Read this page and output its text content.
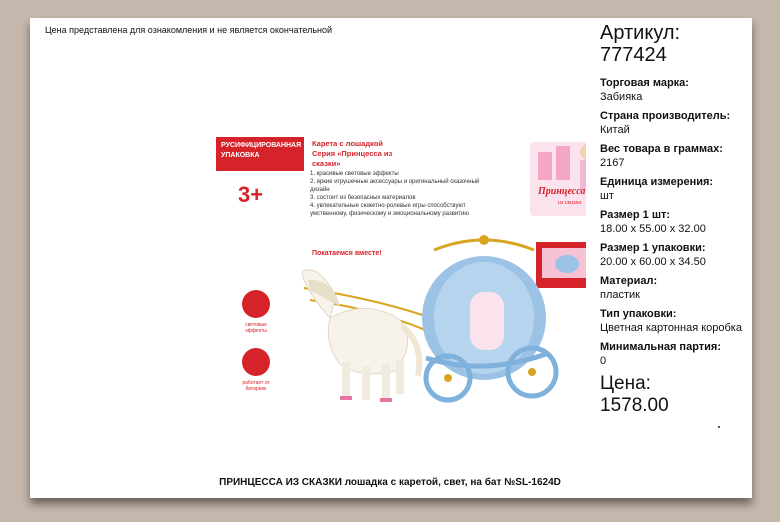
Цена представлена для ознакомления и не является окончательной
РУСИФИЦИРОВАННАЯ УПАКОВКА
3+
Карета с лошадкой
Серия «Принцесса из сказки»
1. красивые световые эффекты
2. яркие игрушечные аксессуары и оригинальный сказочный дизайн
3. состоит из безопасных материалов
4. увлекательные сюжетно-ролевые игры способствуют умственному, физическому и эмоциональному развитию
Покатаемся вместе!
световые эффекты
работает от батареек
Принцесса
из сказки
Артикул:
777424
Торговая марка:
Забияка
Страна производитель:
Китай
Вес товара в граммах:
2167
Единица измерения:
шт
Размер 1 шт:
18.00 x 55.00 x 32.00
Размер 1 упаковки:
20.00 x 60.00 x 34.50
Материал:
пластик
Тип упаковки:
Цветная картонная коробка
Минимальная партия:
0
Цена:
1578.00
ПРИНЦЕССА ИЗ СКАЗКИ лошадка с каретой, свет, на бат №SL-1624D
